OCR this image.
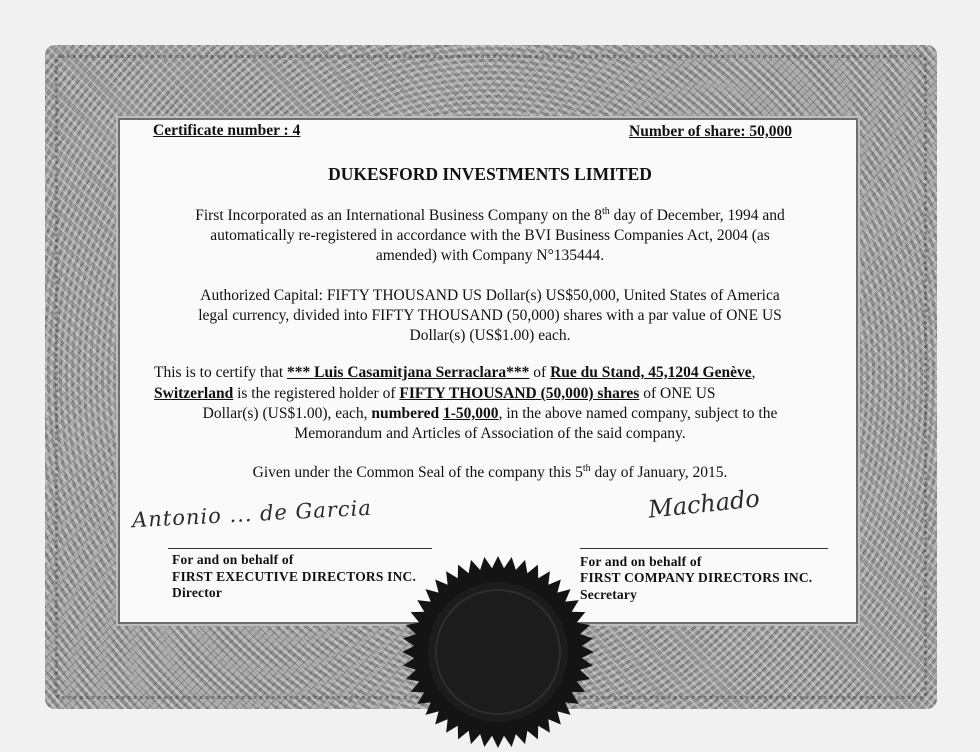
Certificate number : 4	Number of share: 50,000
DUKESFORD INVESTMENTS LIMITED
First Incorporated as an International Business Company on the 8th day of December, 1994 and
automatically re-registered in accordance with the BVI Business Companies Act, 2004 (as
amended) with Company N°135444.
Authorized Capital: FIFTY THOUSAND US Dollar(s) US$50,000, United States of America
legal currency, divided into FIFTY THOUSAND (50,000) shares with a par value of ONE US
Dollar(s) (US$1.00) each.
This is to certify that *** Luis Casamitjana Serraclara*** of Rue du Stand, 45,1204 Genève,
Switzerland is the registered holder of FIFTY THOUSAND (50,000) shares of ONE US
Dollar(s) (US$1.00), each, numbered 1-50,000, in the above named company, subject to the
Memorandum and Articles of Association of the said company.
Given under the Common Seal of the company this 5th day of January, 2015.
Antonio ... de Garcia	Machado
For and on behalf of
FIRST EXECUTIVE DIRECTORS INC.
Director
For and on behalf of
FIRST COMPANY DIRECTORS INC.
Secretary
